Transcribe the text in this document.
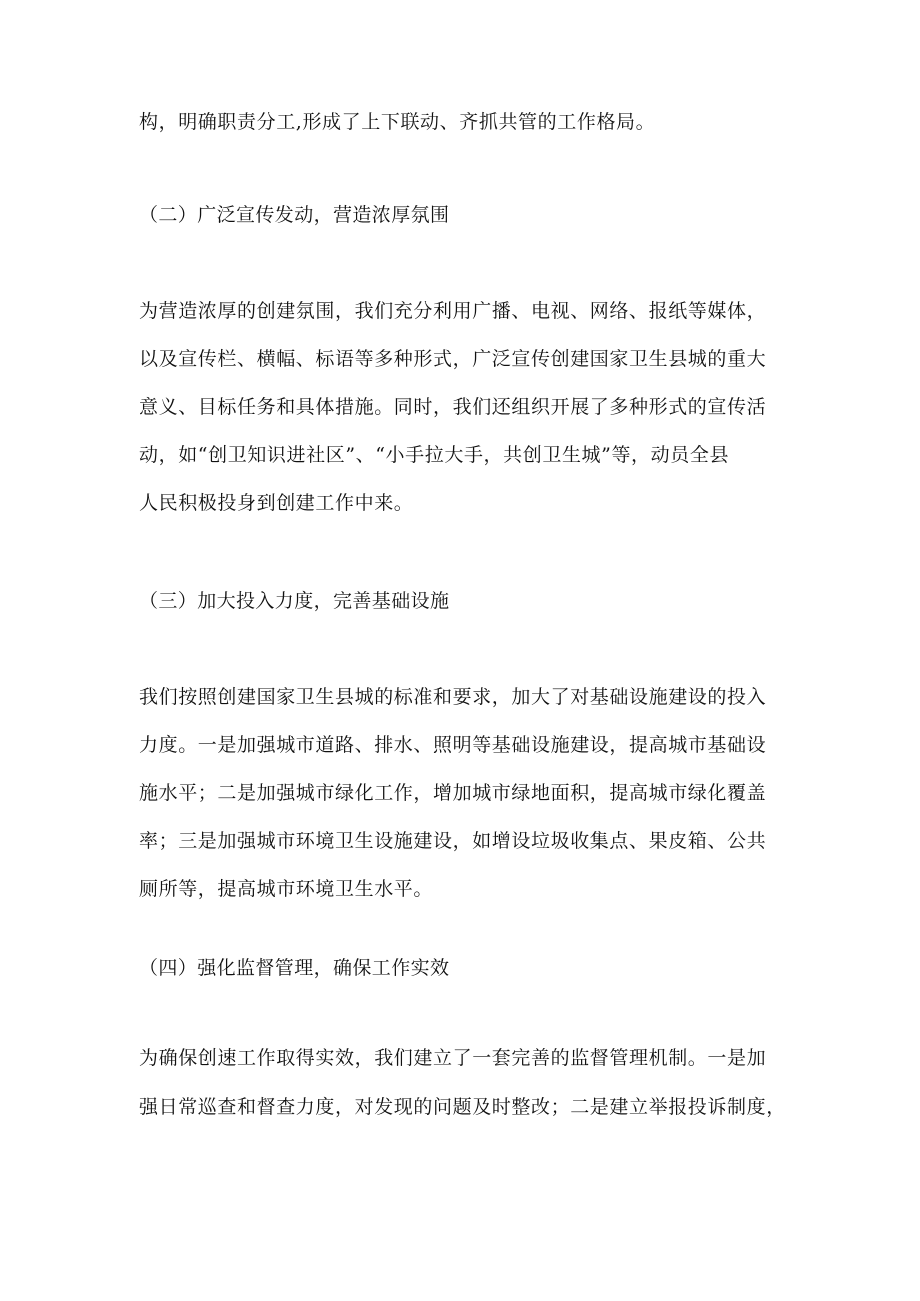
构，明确职责分工,形成了上下联动、齐抓共管的工作格局。
（二）广泛宣传发动，营造浓厚氛围
为营造浓厚的创建氛围，我们充分利用广播、电视、网络、报纸等媒体，
以及宣传栏、横幅、标语等多种形式，广泛宣传创建国家卫生县城的重大
意义、目标任务和具体措施。同时，我们还组织开展了多种形式的宣传活
动，如“创卫知识进社区”、“小手拉大手，共创卫生城”等，动员全县
人民积极投身到创建工作中来。
（三）加大投入力度，完善基础设施
我们按照创建国家卫生县城的标准和要求，加大了对基础设施建设的投入
力度。一是加强城市道路、排水、照明等基础设施建设，提高城市基础设
施水平；二是加强城市绿化工作，增加城市绿地面积，提高城市绿化覆盖
率；三是加强城市环境卫生设施建设，如增设垃圾收集点、果皮箱、公共
厕所等，提高城市环境卫生水平。
（四）强化监督管理，确保工作实效
为确保创速工作取得实效，我们建立了一套完善的监督管理机制。一是加
强日常巡查和督查力度，对发现的问题及时整改；二是建立举报投诉制度，
